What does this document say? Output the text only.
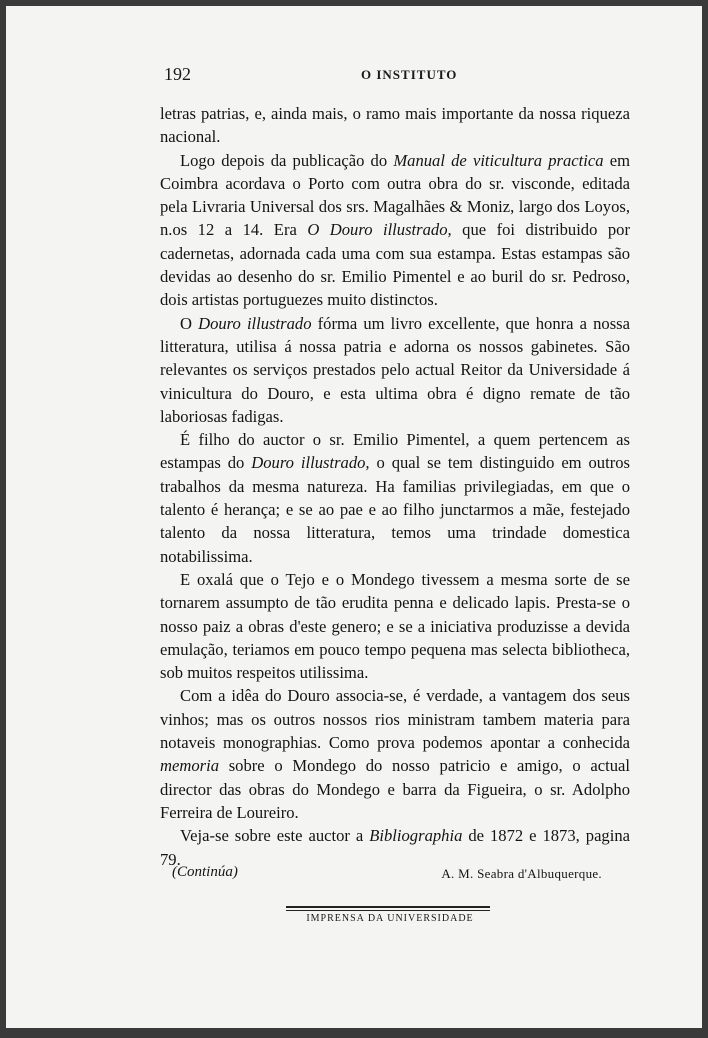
192	O INSTITUTO

letras patrias, e, ainda mais, o ramo mais importante da nossa riqueza nacional.

Logo depois da publicação do Manual de viticultura practica em Coimbra acordava o Porto com outra obra do sr. visconde, editada pela Livraria Universal dos srs. Magalhães & Moniz, largo dos Loyos, n.os 12 a 14. Era O Douro illustrado, que foi distribuido por cadernetas, adornada cada uma com sua estampa. Estas estampas são devidas ao desenho do sr. Emilio Pimentel e ao buril do sr. Pedroso, dois artistas portuguezes muito distinctos.

O Douro illustrado fórma um livro excellente, que honra a nossa litteratura, utilisa á nossa patria e adorna os nossos gabinetes. São relevantes os serviços prestados pelo actual Reitor da Universidade á vinicultura do Douro, e esta ultima obra é digno remate de tão laboriosas fadigas.

É filho do auctor o sr. Emilio Pimentel, a quem pertencem as estampas do Douro illustrado, o qual se tem distinguido em outros trabalhos da mesma natureza. Ha familias privilegiadas, em que o talento é herança; e se ao pae e ao filho junctarmos a mãe, festejado talento da nossa litteratura, temos uma trindade domestica notabilissima.

E oxalá que o Tejo e o Mondego tivessem a mesma sorte de se tornarem assumpto de tão erudita penna e delicado lapis. Presta-se o nosso paiz a obras d'este genero; e se a iniciativa produzisse a devida emulação, teriamos em pouco tempo pequena mas selecta bibliotheca, sob muitos respeitos utilissima.

Com a idêa do Douro associa-se, é verdade, a vantagem dos seus vinhos; mas os outros nossos rios ministram tambem materia para notaveis monographias. Como prova podemos apontar a conhecida memoria sobre o Mondego do nosso patricio e amigo, o actual director das obras do Mondego e barra da Figueira, o sr. Adolpho Ferreira de Loureiro.

Veja-se sobre este auctor a Bibliographia de 1872 e 1873, pagina 79.

(Continúa)	A. M. Seabra d'Albuquerque.
IMPRENSA DA UNIVERSIDADE
